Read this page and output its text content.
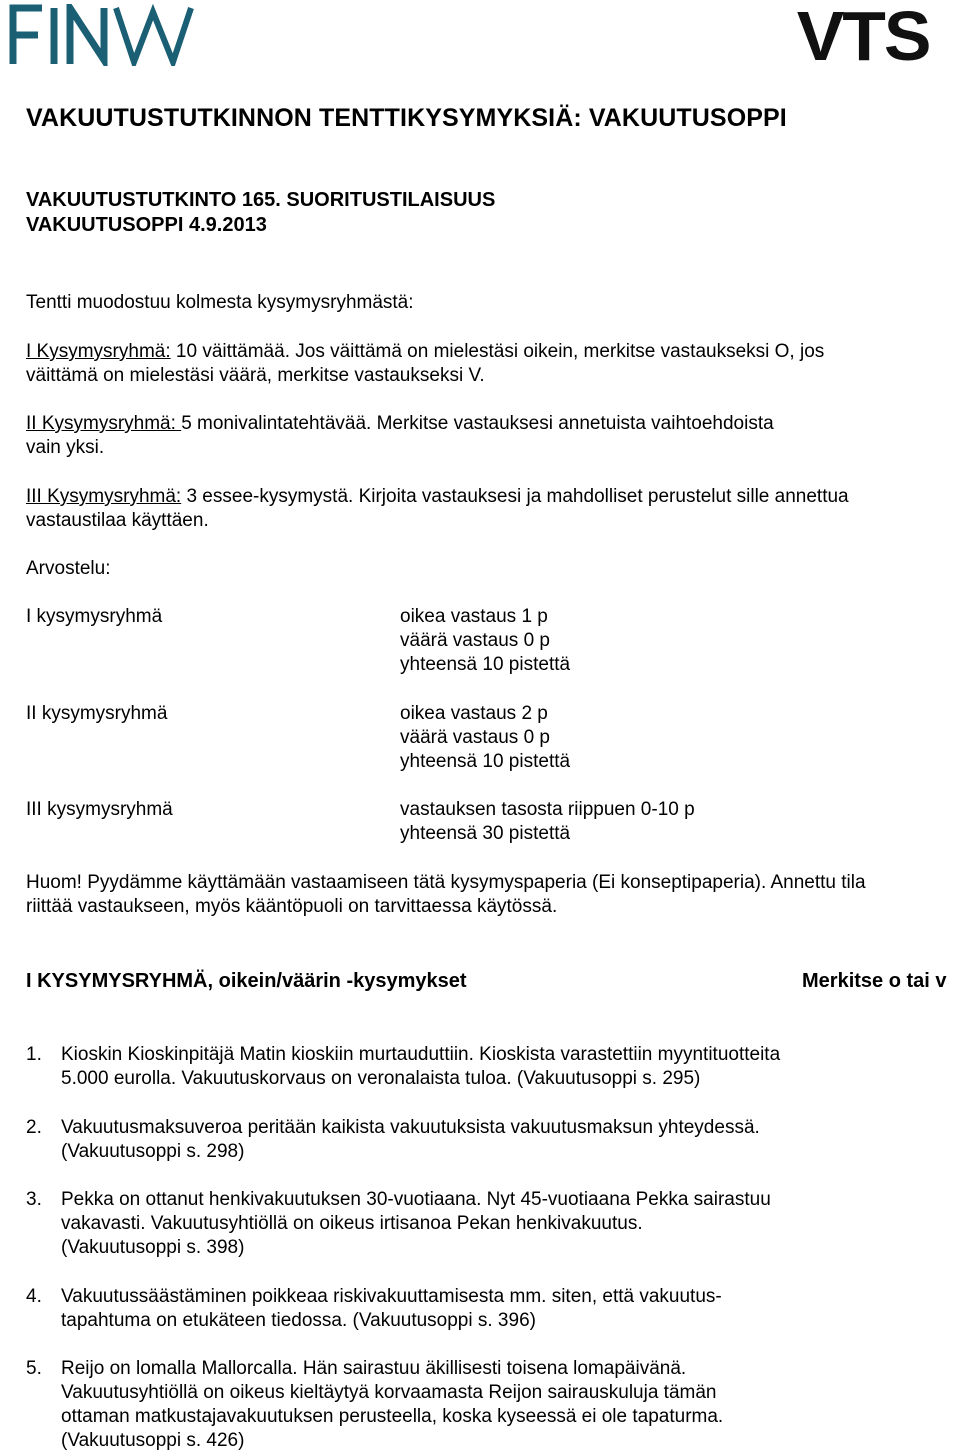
VTS
VAKUUTUSTUTKINNON TENTTIKYSYMYKSIÄ: VAKUUTUSOPPI
VAKUUTUSTUTKINTO 165. SUORITUSTILAISUUS
VAKUUTUSOPPI 4.9.2013
Tentti muodostuu kolmesta kysymysryhmästä:
I Kysymysryhmä: 10 väittämää. Jos väittämä on mielestäsi oikein, merkitse vastaukseksi O, jos
väittämä on mielestäsi väärä, merkitse vastaukseksi V.
II Kysymysryhmä: 5 monivalintatehtävää. Merkitse vastauksesi annetuista vaihtoehdoista
vain yksi.
III Kysymysryhmä: 3 essee-kysymystä. Kirjoita vastauksesi ja mahdolliset perustelut sille annettua
vastaustilaa käyttäen.
Arvostelu:
I kysymysryhmä	oikea vastaus 1 p
väärä vastaus 0 p
yhteensä 10 pistettä
II kysymysryhmä	oikea vastaus 2 p
väärä vastaus 0 p
yhteensä 10 pistettä
III kysymysryhmä	vastauksen tasosta riippuen 0-10 p
yhteensä 30 pistettä
Huom! Pyydämme käyttämään vastaamiseen tätä kysymyspaperia (Ei konseptipaperia). Annettu tila
riittää vastaukseen, myös kääntöpuoli on tarvittaessa käytössä.
I KYSYMYSRYHMÄ, oikein/väärin -kysymykset	Merkitse o tai v
1. Kioskin Kioskinpitäjä Matin kioskiin murtauduttiin. Kioskista varastettiin myyntituotteita
5.000 eurolla. Vakuutuskorvaus on veronalaista tuloa. (Vakuutusoppi s. 295)
2. Vakuutusmaksuveroa peritään kaikista vakuutuksista vakuutusmaksun yhteydessä.
(Vakuutusoppi s. 298)
3. Pekka on ottanut henkivakuutuksen 30-vuotiaana. Nyt 45-vuotiaana Pekka sairastuu
vakavasti. Vakuutusyhtiöllä on oikeus irtisanoa Pekan henkivakuutus.
(Vakuutusoppi s. 398)
4. Vakuutussäästäminen poikkeaa riskivakuuttamisesta mm. siten, että vakuutus-
tapahtuma on etukäteen tiedossa. (Vakuutusoppi s. 396)
5. Reijo on lomalla Mallorcalla. Hän sairastuu äkillisesti toisena lomapäivänä.
Vakuutusyhtiöllä on oikeus kieltäytyä korvaamasta Reijon sairauskuluja tämän
ottaman matkustajavakuutuksen perusteella, koska kyseessä ei ole tapaturma.
(Vakuutusoppi s. 426)
